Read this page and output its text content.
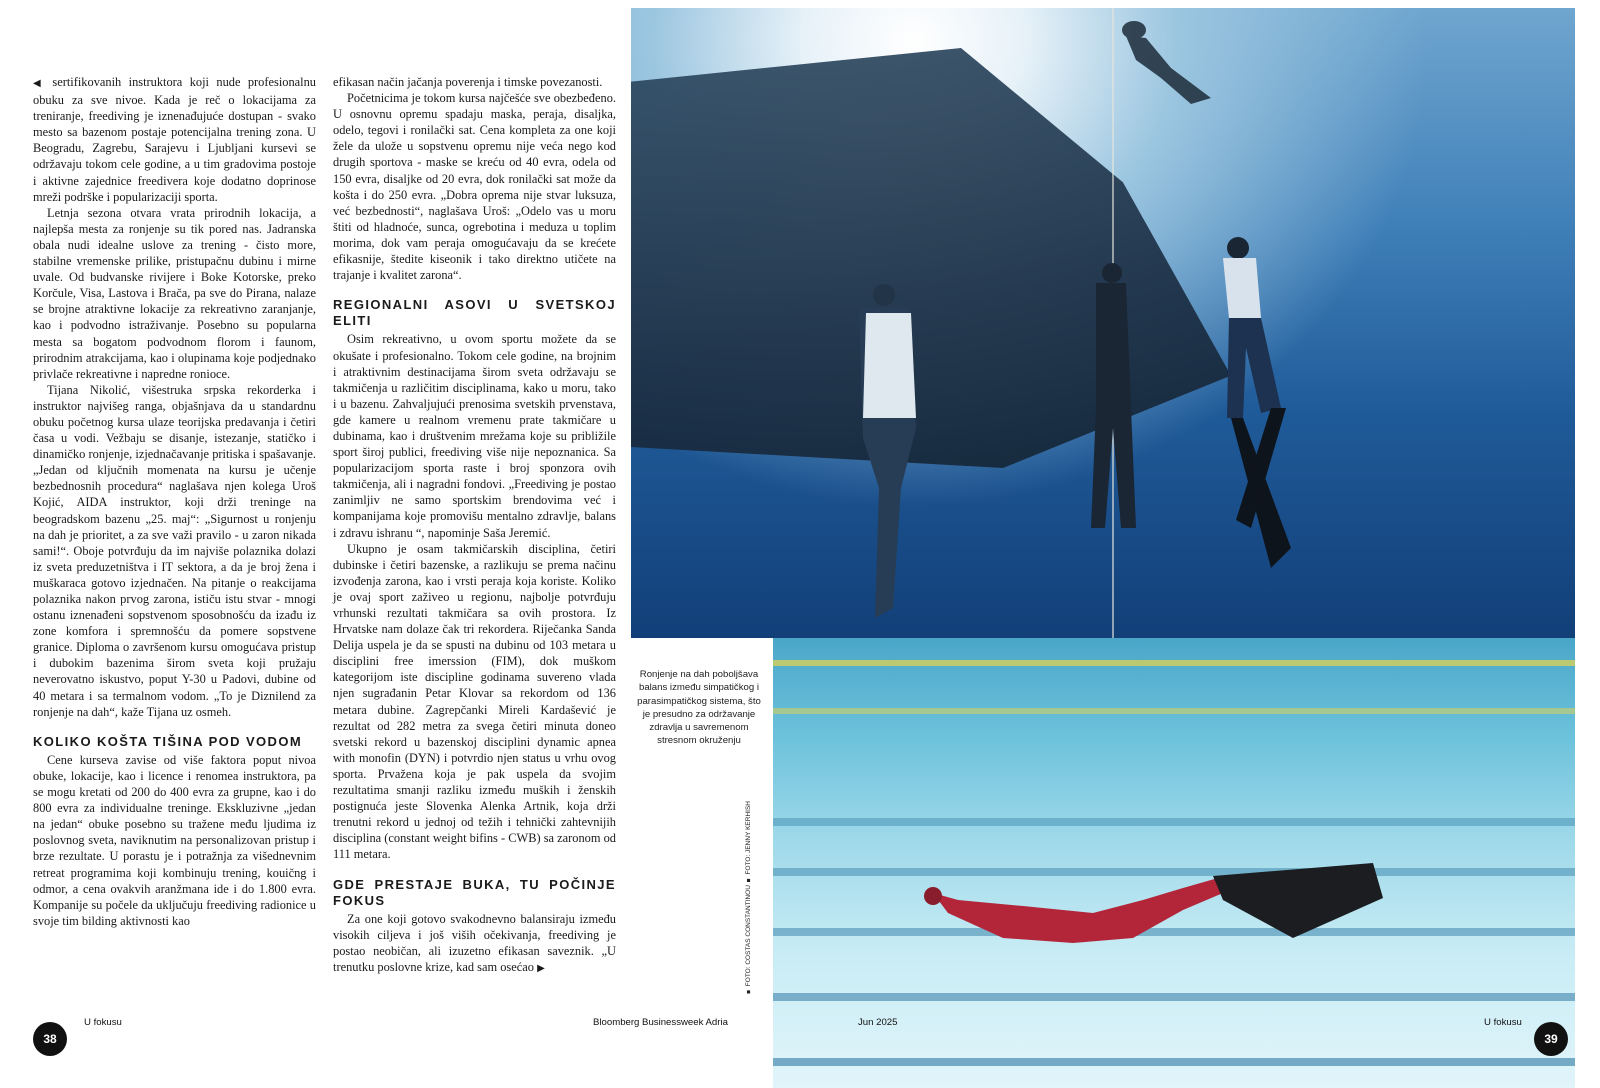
◀ sertifikovanih instruktora koji nude profesionalnu obuku za sve nivoe. Kada je reč o lokacijama za treniranje, freediving je iznenađujuće dostupan - svako mesto sa bazenom postaje potencijalna trening zona. U Beogradu, Zagrebu, Sarajevu i Ljubljani kursevi se održavaju tokom cele godine, a u tim gradovima postoje i aktivne zajednice freedivera koje dodatno doprinose mreži podrške i popularizaciji sporta.

Letnja sezona otvara vrata prirodnih lokacija, a najlepša mesta za ronjenje su tik pored nas. Jadranska obala nudi idealne uslove za trening - čisto more, stabilne vremenske prilike, pristupačnu dubinu i mirne uvale. Od budvanske rivijere i Boke Kotorske, preko Korčule, Visa, Lastova i Brača, pa sve do Pirana, nalaze se brojne atraktivne lokacije za rekreativno zaranjanje, kao i podvodno istraživanje. Posebno su popularna mesta sa bogatom podvodnom florom i faunom, prirodnim atrakcijama, kao i olupinama koje podjednako privlače rekreativne i napredne ronioce.

Tijana Nikolić, višestruka srpska rekorderka i instruktor najvišeg ranga, objašnjava da u standardnu obuku početnog kursa ulaze teorijska predavanja i četiri časa u vodi. Vežbaju se disanje, istezanje, statičko i dinamičko ronjenje, izjednačavanje pritiska i spašavanje. „Jedan od ključnih momenata na kursu je učenje bezbednosnih procedura“ naglašava njen kolega Uroš Kojić, AIDA instruktor, koji drži treninge na beogradskom bazenu „25. maj“: „Sigurnost u ronjenju na dah je prioritet, a za sve važi pravilo - u zaron nikada sami!“. Oboje potvrđuju da im najviše polaznika dolazi iz sveta preduzetništva i IT sektora, a da je broj žena i muškaraca gotovo izjednačen. Na pitanje o reakcijama polaznika nakon prvog zarona, ističu istu stvar - mnogi ostanu iznenađeni sopstvenom sposobnošću da izađu iz zone komfora i spremnošću da pomere sopstvene granice. Diploma o završenom kursu omogućava pristup i dubokim bazenima širom sveta koji pružaju neverovatno iskustvo, poput Y-30 u Padovi, dubine od 40 metara i sa termalnom vodom. „To je Diznilend za ronjenje na dah“, kaže Tijana uz osmeh.

KOLIKO KOŠTA TIŠINA POD VODOM

Cene kurseva zavise od više faktora poput nivoa obuke, lokacije, kao i licence i renomea instruktora, pa se mogu kretati od 200 do 400 evra za grupne, kao i do 800 evra za individualne treninge. Ekskluzivne „jedan na jedan“ obuke posebno su tražene među ljudima iz poslovnog sveta, naviknutim na personalizovan pristup i brze rezultate. U porastu je i potražnja za višednevnim retreat programima koji kombinuju trening, kouičng i odmor, a cena ovakvih aranžmana ide i do 1.800 evra. Kompanije su počele da uključuju freediving radionice u svoje tim bilding aktivnosti kao

efikasan način jačanja poverenja i timske povezanosti.

Početnicima je tokom kursa najčešće sve obezbeđeno. U osnovnu opremu spadaju maska, peraja, disaljka, odelo, tegovi i ronilački sat. Cena kompleta za one koji žele da ulože u sopstvenu opremu nije veća nego kod drugih sportova - maske se kreću od 40 evra, odela od 150 evra, disaljke od 20 evra, dok ronilački sat može da košta i do 250 evra. „Dobra oprema nije stvar luksuza, već bezbednosti“, naglašava Uroš: „Odelo vas u moru štiti od hladnoće, sunca, ogrebotina i meduza u toplim morima, dok vam peraja omogućavaju da se krećete efikasnije, štedite kiseonik i tako direktno utičete na trajanje i kvalitet zarona“.

REGIONALNI ASOVI U SVETSKOJ ELITI

Osim rekreativno, u ovom sportu možete da se okušate i profesionalno. Tokom cele godine, na brojnim i atraktivnim destinacijama širom sveta održavaju se takmičenja u različitim disciplinama, kako u moru, tako i u bazenu. Zahvaljujući prenosima svetskih prvenstava, gde kamere u realnom vremenu prate takmičare u dubinama, kao i društvenim mrežama koje su približile sport široj publici, freediving više nije nepoznanica. Sa popularizacijom sporta raste i broj sponzora ovih takmičenja, ali i nagradni fondovi. „Freediving je postao zanimljiv ne samo sportskim brendovima već i kompanijama koje promovišu mentalno zdravlje, balans i zdravu ishranu “, napominje Saša Jeremić.

Ukupno je osam takmičarskih disciplina, četiri dubinske i četiri bazenske, a razlikuju se prema načinu izvođenja zarona, kao i vrsti peraja koja koriste. Koliko je ovaj sport zaživeo u regionu, najbolje potvrđuju vrhunski rezultati takmičara sa ovih prostora. Iz Hrvatske nam dolaze čak tri rekorderа. Riječanka Sanda Delija uspela je da se spusti na dubinu od 103 metara u disciplini free imerssion (FIM), dok muškom kategorijom iste discipline godinama suvereno vlada njen sugrađanin Petar Klovar sa rekordom od 136 metara dubine. Zagrepčanki Mireli Kardašević je rezultat od 282 metra za svega četiri minuta doneo svetski rekord u bazenskoj disciplini dynamic apnea with monofin (DYN) i potvrdio njen status u vrhu ovog sporta. Prvaženа koja je pak uspela da svojim rezultatima smanji razliku između muških i ženskih postignuća jeste Slovenka Alenka Artnik, koja drži trenutni rekord u jednoj od težih i tehnički zahtevnijih disciplina (constant weight bifins - CWB) sa zaronom od 111 metara.

GDE PRESTAJE BUKA, TU POČINJE FOKUS

Za one koji gotovo svakodnevno balansiraju između visokih ciljeva i još viših očekivanja, freediving je postao neobičan, ali izuzetno efikasan saveznik. „U trenutku poslovne krize, kad sam osećao ▶

Ronjenje na dah poboljšava balans između simpatičkog i parasimpatičkog sistema, što je presudno za održavanje zdravlja u savremenom stresnom okruženju
■ FOTO: COSTAS CONSTANTINOU ■ FOTO: JENNY KERHISH
38
U fokusu	Bloomberg Businessweek Adria	Jun 2025	U fokusu
39
